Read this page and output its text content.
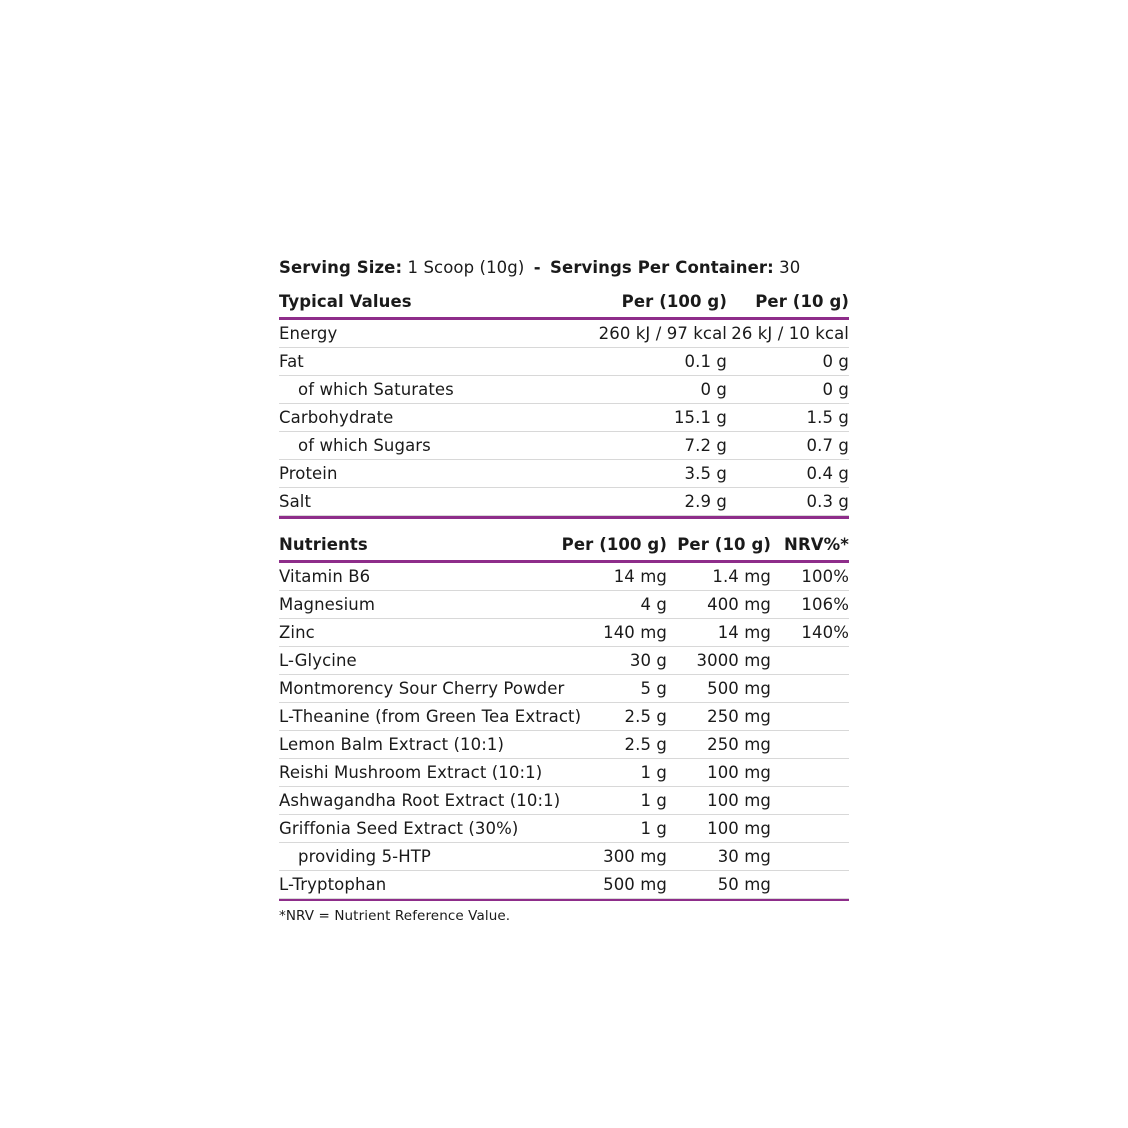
Serving Size: 1 Scoop (10g) - Servings Per Container: 30
Typical Values	Per (100 g)	Per (10 g)

Energy	260 kJ / 97 kcal	26 kJ / 10 kcal
Fat	0.1 g	0 g
of which Saturates	0 g	0 g
Carbohydrate	15.1 g	1.5 g
of which Sugars	7.2 g	0.7 g
Protein	3.5 g	0.4 g
Salt	2.9 g	0.3 g

Nutrients	Per (100 g)	Per (10 g)	NRV%*

Vitamin B6	14 mg	1.4 mg	100%
Magnesium	4 g	400 mg	106%
Zinc	140 mg	14 mg	140%
L-Glycine	30 g	3000 mg	
Montmorency Sour Cherry Powder	5 g	500 mg	
L-Theanine (from Green Tea Extract)	2.5 g	250 mg	
Lemon Balm Extract (10:1)	2.5 g	250 mg	
Reishi Mushroom Extract (10:1)	1 g	100 mg	
Ashwagandha Root Extract (10:1)	1 g	100 mg	
Griffonia Seed Extract (30%)	1 g	100 mg	
providing 5-HTP	300 mg	30 mg	
L-Tryptophan	500 mg	50 mg	

*NRV = Nutrient Reference Value.
